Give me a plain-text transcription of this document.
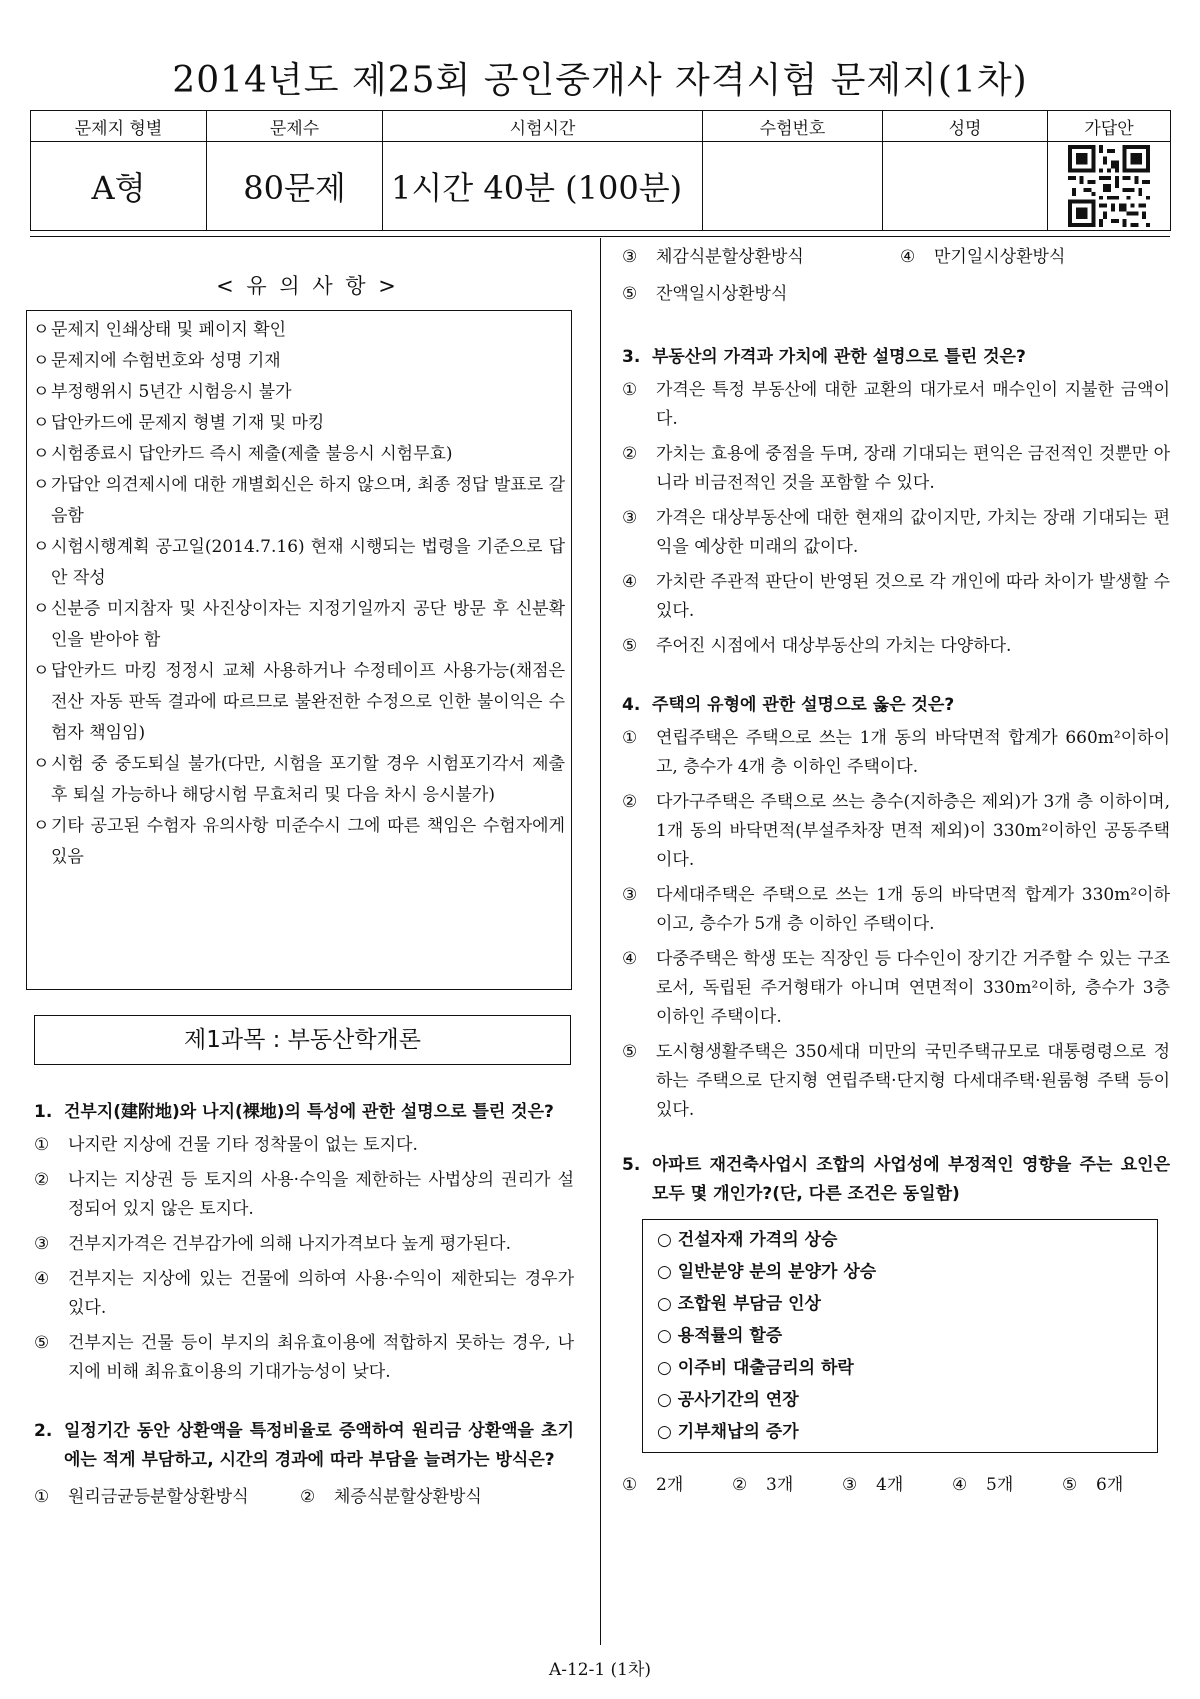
2014년도 제25회 공인중개사 자격시험 문제지(1차)
문제지 형별	문제수	시험시간	수험번호	성명	가답안
A형	80문제	1시간 40분 (100분)			
< 유 의 사 항 >
ㅇ 문제지 인쇄상태 및 페이지 확인
ㅇ 문제지에 수험번호와 성명 기재
ㅇ 부정행위시 5년간 시험응시 불가
ㅇ 답안카드에 문제지 형별 기재 및 마킹
ㅇ 시험종료시 답안카드 즉시 제출(제출 불응시 시험무효)
ㅇ 가답안 의견제시에 대한 개별회신은 하지 않으며, 최종 정답 발표로 갈음함
ㅇ 시험시행계획 공고일(2014.7.16) 현재 시행되는 법령을 기준으로 답안 작성
ㅇ 신분증 미지참자 및 사진상이자는 지정기일까지 공단 방문 후 신분확인을 받아야 함
ㅇ 답안카드 마킹 정정시 교체 사용하거나 수정테이프 사용가능(채점은 전산 자동 판독 결과에 따르므로 불완전한 수정으로 인한 불이익은 수험자 책임임)
ㅇ 시험 중 중도퇴실 불가(다만, 시험을 포기할 경우 시험포기각서 제출 후 퇴실 가능하나 해당시험 무효처리 및 다음 차시 응시불가)
ㅇ 기타 공고된 수험자 유의사항 미준수시 그에 따른 책임은 수험자에게 있음
제1과목 : 부동산학개론
1. 건부지(建附地)와 나지(裸地)의 특성에 관한 설명으로 틀린 것은?
①	나지란 지상에 건물 기타 정착물이 없는 토지다.
②	나지는 지상권 등 토지의 사용·수익을 제한하는 사법상의 권리가 설정되어 있지 않은 토지다.
③	건부지가격은 건부감가에 의해 나지가격보다 높게 평가된다.
④	건부지는 지상에 있는 건물에 의하여 사용·수익이 제한되는 경우가 있다.
⑤	건부지는 건물 등이 부지의 최유효이용에 적합하지 못하는 경우, 나지에 비해 최유효이용의 기대가능성이 낮다.
2. 일정기간 동안 상환액을 특정비율로 증액하여 원리금 상환액을 초기에는 적게 부담하고, 시간의 경과에 따라 부담을 늘려가는 방식은?
①	원리금균등분할상환방식	②	체증식분할상환방식
③	체감식분할상환방식	④	만기일시상환방식
⑤	잔액일시상환방식
3. 부동산의 가격과 가치에 관한 설명으로 틀린 것은?
①	가격은 특정 부동산에 대한 교환의 대가로서 매수인이 지불한 금액이다.
②	가치는 효용에 중점을 두며, 장래 기대되는 편익은 금전적인 것뿐만 아니라 비금전적인 것을 포함할 수 있다.
③	가격은 대상부동산에 대한 현재의 값이지만, 가치는 장래 기대되는 편익을 예상한 미래의 값이다.
④	가치란 주관적 판단이 반영된 것으로 각 개인에 따라 차이가 발생할 수 있다.
⑤	주어진 시점에서 대상부동산의 가치는 다양하다.
4. 주택의 유형에 관한 설명으로 옳은 것은?
①	연립주택은 주택으로 쓰는 1개 동의 바닥면적 합계가 660m²이하이고, 층수가 4개 층 이하인 주택이다.
②	다가구주택은 주택으로 쓰는 층수(지하층은 제외)가 3개 층 이하이며, 1개 동의 바닥면적(부설주차장 면적 제외)이 330m²이하인 공동주택이다.
③	다세대주택은 주택으로 쓰는 1개 동의 바닥면적 합계가 330m²이하이고, 층수가 5개 층 이하인 주택이다.
④	다중주택은 학생 또는 직장인 등 다수인이 장기간 거주할 수 있는 구조로서, 독립된 주거형태가 아니며 연면적이 330m²이하, 층수가 3층 이하인 주택이다.
⑤	도시형생활주택은 350세대 미만의 국민주택규모로 대통령령으로 정하는 주택으로 단지형 연립주택·단지형 다세대주택·원룸형 주택 등이 있다.
5. 아파트 재건축사업시 조합의 사업성에 부정적인 영향을 주는 요인은 모두 몇 개인가?(단, 다른 조건은 동일함)
○ 건설자재 가격의 상승
○ 일반분양 분의 분양가 상승
○ 조합원 부담금 인상
○ 용적률의 할증
○ 이주비 대출금리의 하락
○ 공사기간의 연장
○ 기부채납의 증가
①	2개	②	3개	③	4개	④	5개	⑤	6개
A-12-1 (1차)
